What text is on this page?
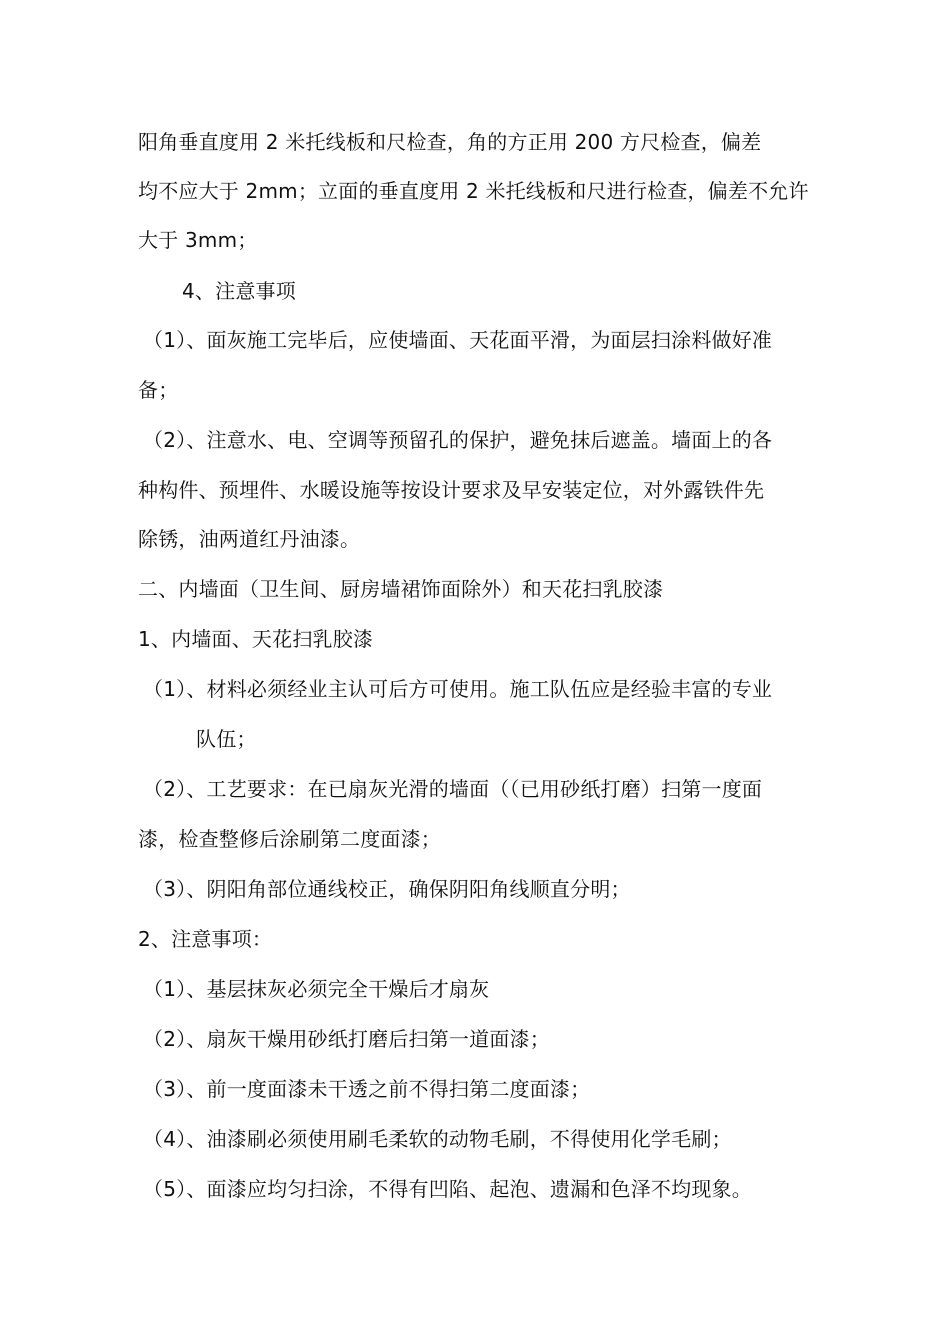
阳角垂直度用 2 米托线板和尺检查，角的方正用 200 方尺检查，偏差
均不应大于 2mm；立面的垂直度用 2 米托线板和尺进行检查，偏差不允许
大于 3mm；
4、注意事项
（1）、面灰施工完毕后，应使墙面、天花面平滑，为面层扫涂料做好准
备；
（2）、注意水、电、空调等预留孔的保护，避免抹后遮盖。墙面上的各
种构件、预埋件、水暖设施等按设计要求及早安装定位，对外露铁件先
除锈，油两道红丹油漆。
二、内墙面（卫生间、厨房墙裙饰面除外）和天花扫乳胶漆
1、内墙面、天花扫乳胶漆
（1）、材料必须经业主认可后方可使用。施工队伍应是经验丰富的专业
队伍；
（2）、工艺要求：在已扇灰光滑的墙面（（已用砂纸打磨）扫第一度面
漆，检查整修后涂刷第二度面漆；
（3）、阴阳角部位通线校正，确保阴阳角线顺直分明；
2、注意事项：
（1）、基层抹灰必须完全干燥后才扇灰
（2）、扇灰干燥用砂纸打磨后扫第一道面漆；
（3）、前一度面漆未干透之前不得扫第二度面漆；
（4）、油漆刷必须使用刷毛柔软的动物毛刷，不得使用化学毛刷；
（5）、面漆应均匀扫涂，不得有凹陷、起泡、遗漏和色泽不均现象。
